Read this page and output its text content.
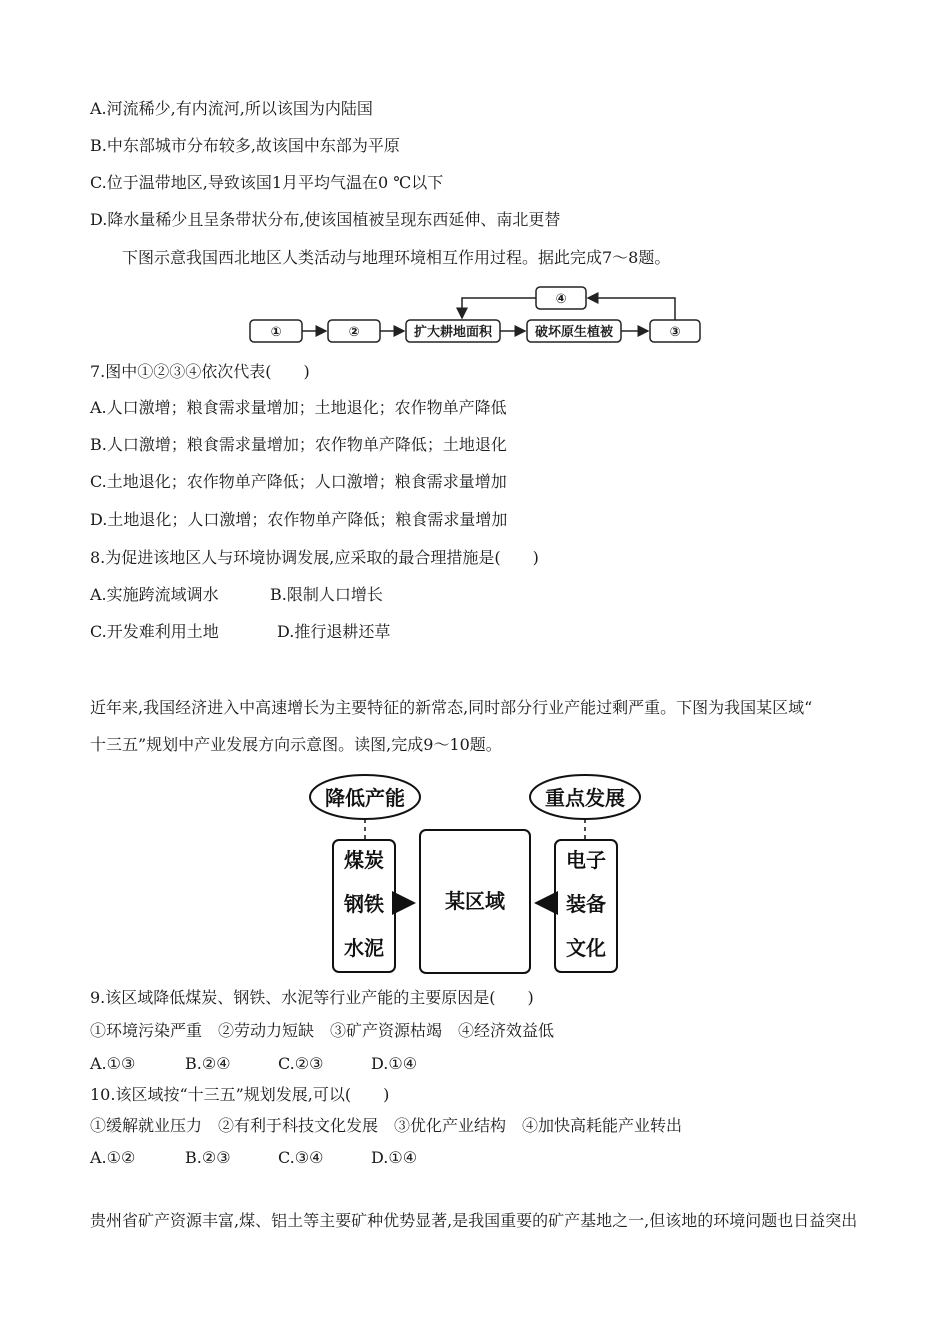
A.河流稀少,有内流河,所以该国为内陆国
B.中东部城市分布较多,故该国中东部为平原
C.位于温带地区,导致该国1月平均气温在0 ℃以下
D.降水量稀少且呈条带状分布,使该国植被呈现东西延伸、南北更替
下图示意我国西北地区人类活动与地理环境相互作用过程。据此完成7～8题。
①	②	扩大耕地面积	破坏原生植被	③
④
7.图中①②③④依次代表(　　)
A.人口激增；粮食需求量增加；土地退化；农作物单产降低
B.人口激增；粮食需求量增加；农作物单产降低；土地退化
C.土地退化；农作物单产降低；人口激增；粮食需求量增加
D.土地退化；人口激增；农作物单产降低；粮食需求量增加
8.为促进该地区人与环境协调发展,应采取的最合理措施是(　　)
A.实施跨流域调水	B.限制人口增长
C.开发难利用土地	D.推行退耕还草
近年来,我国经济进入中高速增长为主要特征的新常态,同时部分行业产能过剩严重。下图为我国某区域“
十三五”规划中产业发展方向示意图。读图,完成9～10题。
降低产能	重点发展
煤炭
钢铁
水泥
某区域
电子
装备
文化
9.该区域降低煤炭、钢铁、水泥等行业产能的主要原因是(　　)
①环境污染严重　②劳动力短缺　③矿产资源枯竭　④经济效益低
A.①③	B.②④	C.②③	D.①④
10.该区域按“十三五”规划发展,可以(　　)
①缓解就业压力　②有利于科技文化发展　③优化产业结构　④加快高耗能产业转出
A.①②	B.②③	C.③④	D.①④
贵州省矿产资源丰富,煤、铝土等主要矿种优势显著,是我国重要的矿产基地之一,但该地的环境问题也日益突出
